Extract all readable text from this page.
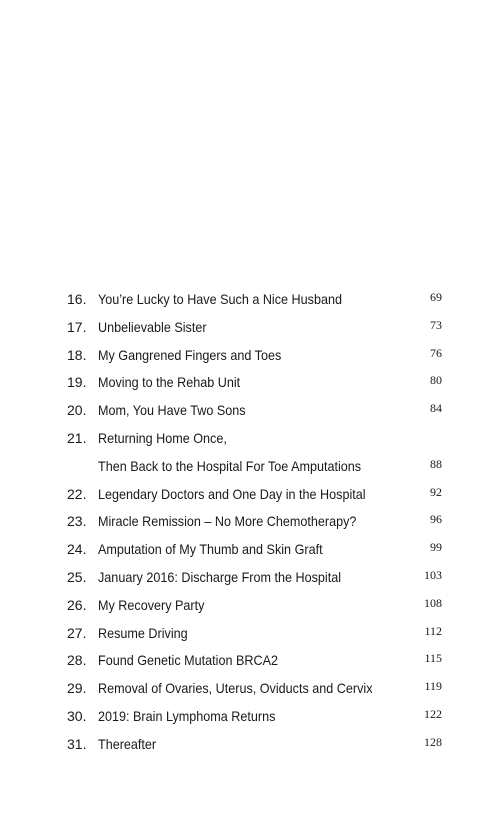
16. You’re Lucky to Have Such a Nice Husband	69
17. Unbelievable Sister	73
18. My Gangrened Fingers and Toes	76
19. Moving to the Rehab Unit	80
20. Mom, You Have Two Sons	84
21. Returning Home Once,
Then Back to the Hospital For Toe Amputations	88
22. Legendary Doctors and One Day in the Hospital	92
23. Miracle Remission – No More Chemotherapy?	96
24. Amputation of My Thumb and Skin Graft	99
25. January 2016: Discharge From the Hospital	103
26. My Recovery Party	108
27. Resume Driving	112
28. Found Genetic Mutation BRCA2	115
29. Removal of Ovaries, Uterus, Oviducts and Cervix	119
30. 2019: Brain Lymphoma Returns	122
31. Thereafter	128
